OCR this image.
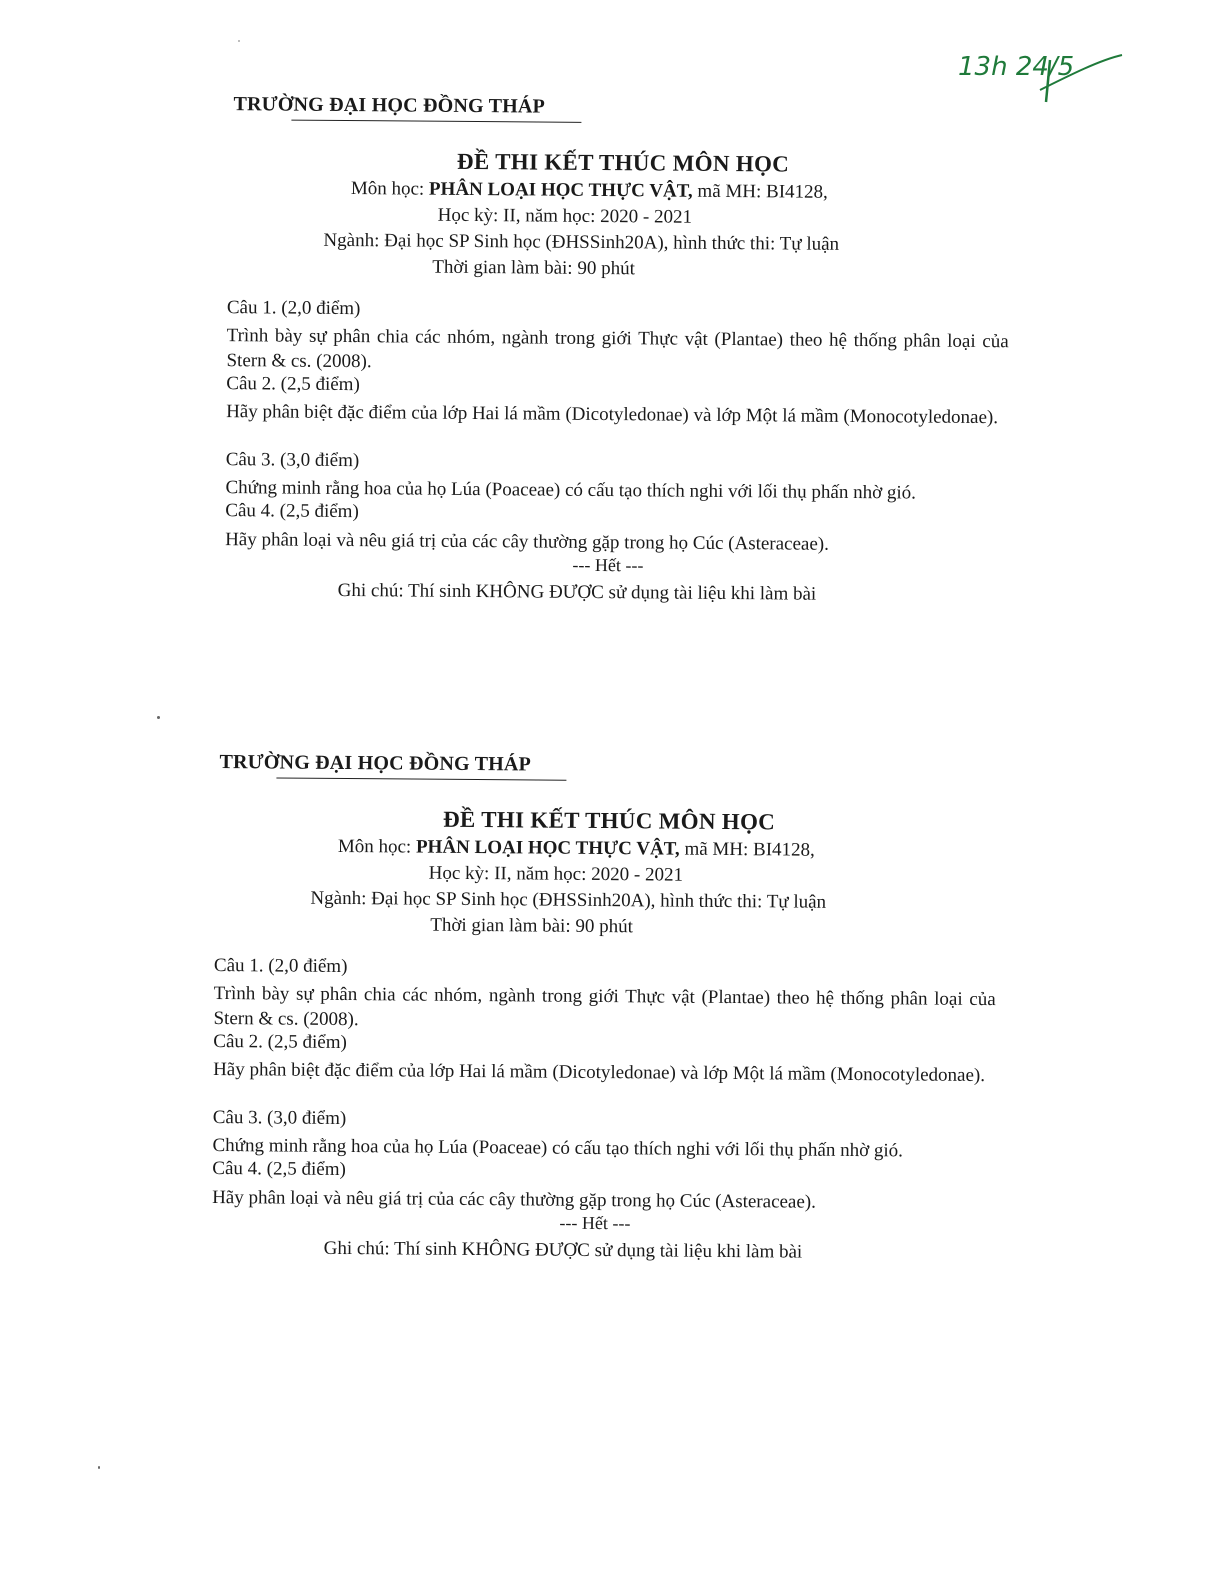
13h 24/5
TRƯỜNG ĐẠI HỌC ĐỒNG THÁP
ĐỀ THI KẾT THÚC MÔN HỌC
Môn học: PHÂN LOẠI HỌC THỰC VẬT, mã MH: BI4128,
Học kỳ: II, năm học: 2020 - 2021
Ngành: Đại học SP Sinh học (ĐHSSinh20A), hình thức thi: Tự luận
Thời gian làm bài: 90 phút
Câu 1. (2,0 điểm)
Trình bày sự phân chia các nhóm, ngành trong giới Thực vật (Plantae) theo hệ thống phân loại của Stern & cs. (2008).
Câu 2. (2,5 điểm)
Hãy phân biệt đặc điểm của lớp Hai lá mầm (Dicotyledonae) và lớp Một lá mầm (Monocotyledonae).
Câu 3. (3,0 điểm)
Chứng minh rằng hoa của họ Lúa (Poaceae) có cấu tạo thích nghi với lối thụ phấn nhờ gió.
Câu 4. (2,5 điểm)
Hãy phân loại và nêu giá trị của các cây thường gặp trong họ Cúc (Asteraceae).
--- Hết ---
Ghi chú: Thí sinh KHÔNG ĐƯỢC sử dụng tài liệu khi làm bài
TRƯỜNG ĐẠI HỌC ĐỒNG THÁP
ĐỀ THI KẾT THÚC MÔN HỌC
Môn học: PHÂN LOẠI HỌC THỰC VẬT, mã MH: BI4128,
Học kỳ: II, năm học: 2020 - 2021
Ngành: Đại học SP Sinh học (ĐHSSinh20A), hình thức thi: Tự luận
Thời gian làm bài: 90 phút
Câu 1. (2,0 điểm)
Trình bày sự phân chia các nhóm, ngành trong giới Thực vật (Plantae) theo hệ thống phân loại của Stern & cs. (2008).
Câu 2. (2,5 điểm)
Hãy phân biệt đặc điểm của lớp Hai lá mầm (Dicotyledonae) và lớp Một lá mầm (Monocotyledonae).
Câu 3. (3,0 điểm)
Chứng minh rằng hoa của họ Lúa (Poaceae) có cấu tạo thích nghi với lối thụ phấn nhờ gió.
Câu 4. (2,5 điểm)
Hãy phân loại và nêu giá trị của các cây thường gặp trong họ Cúc (Asteraceae).
--- Hết ---
Ghi chú: Thí sinh KHÔNG ĐƯỢC sử dụng tài liệu khi làm bài
